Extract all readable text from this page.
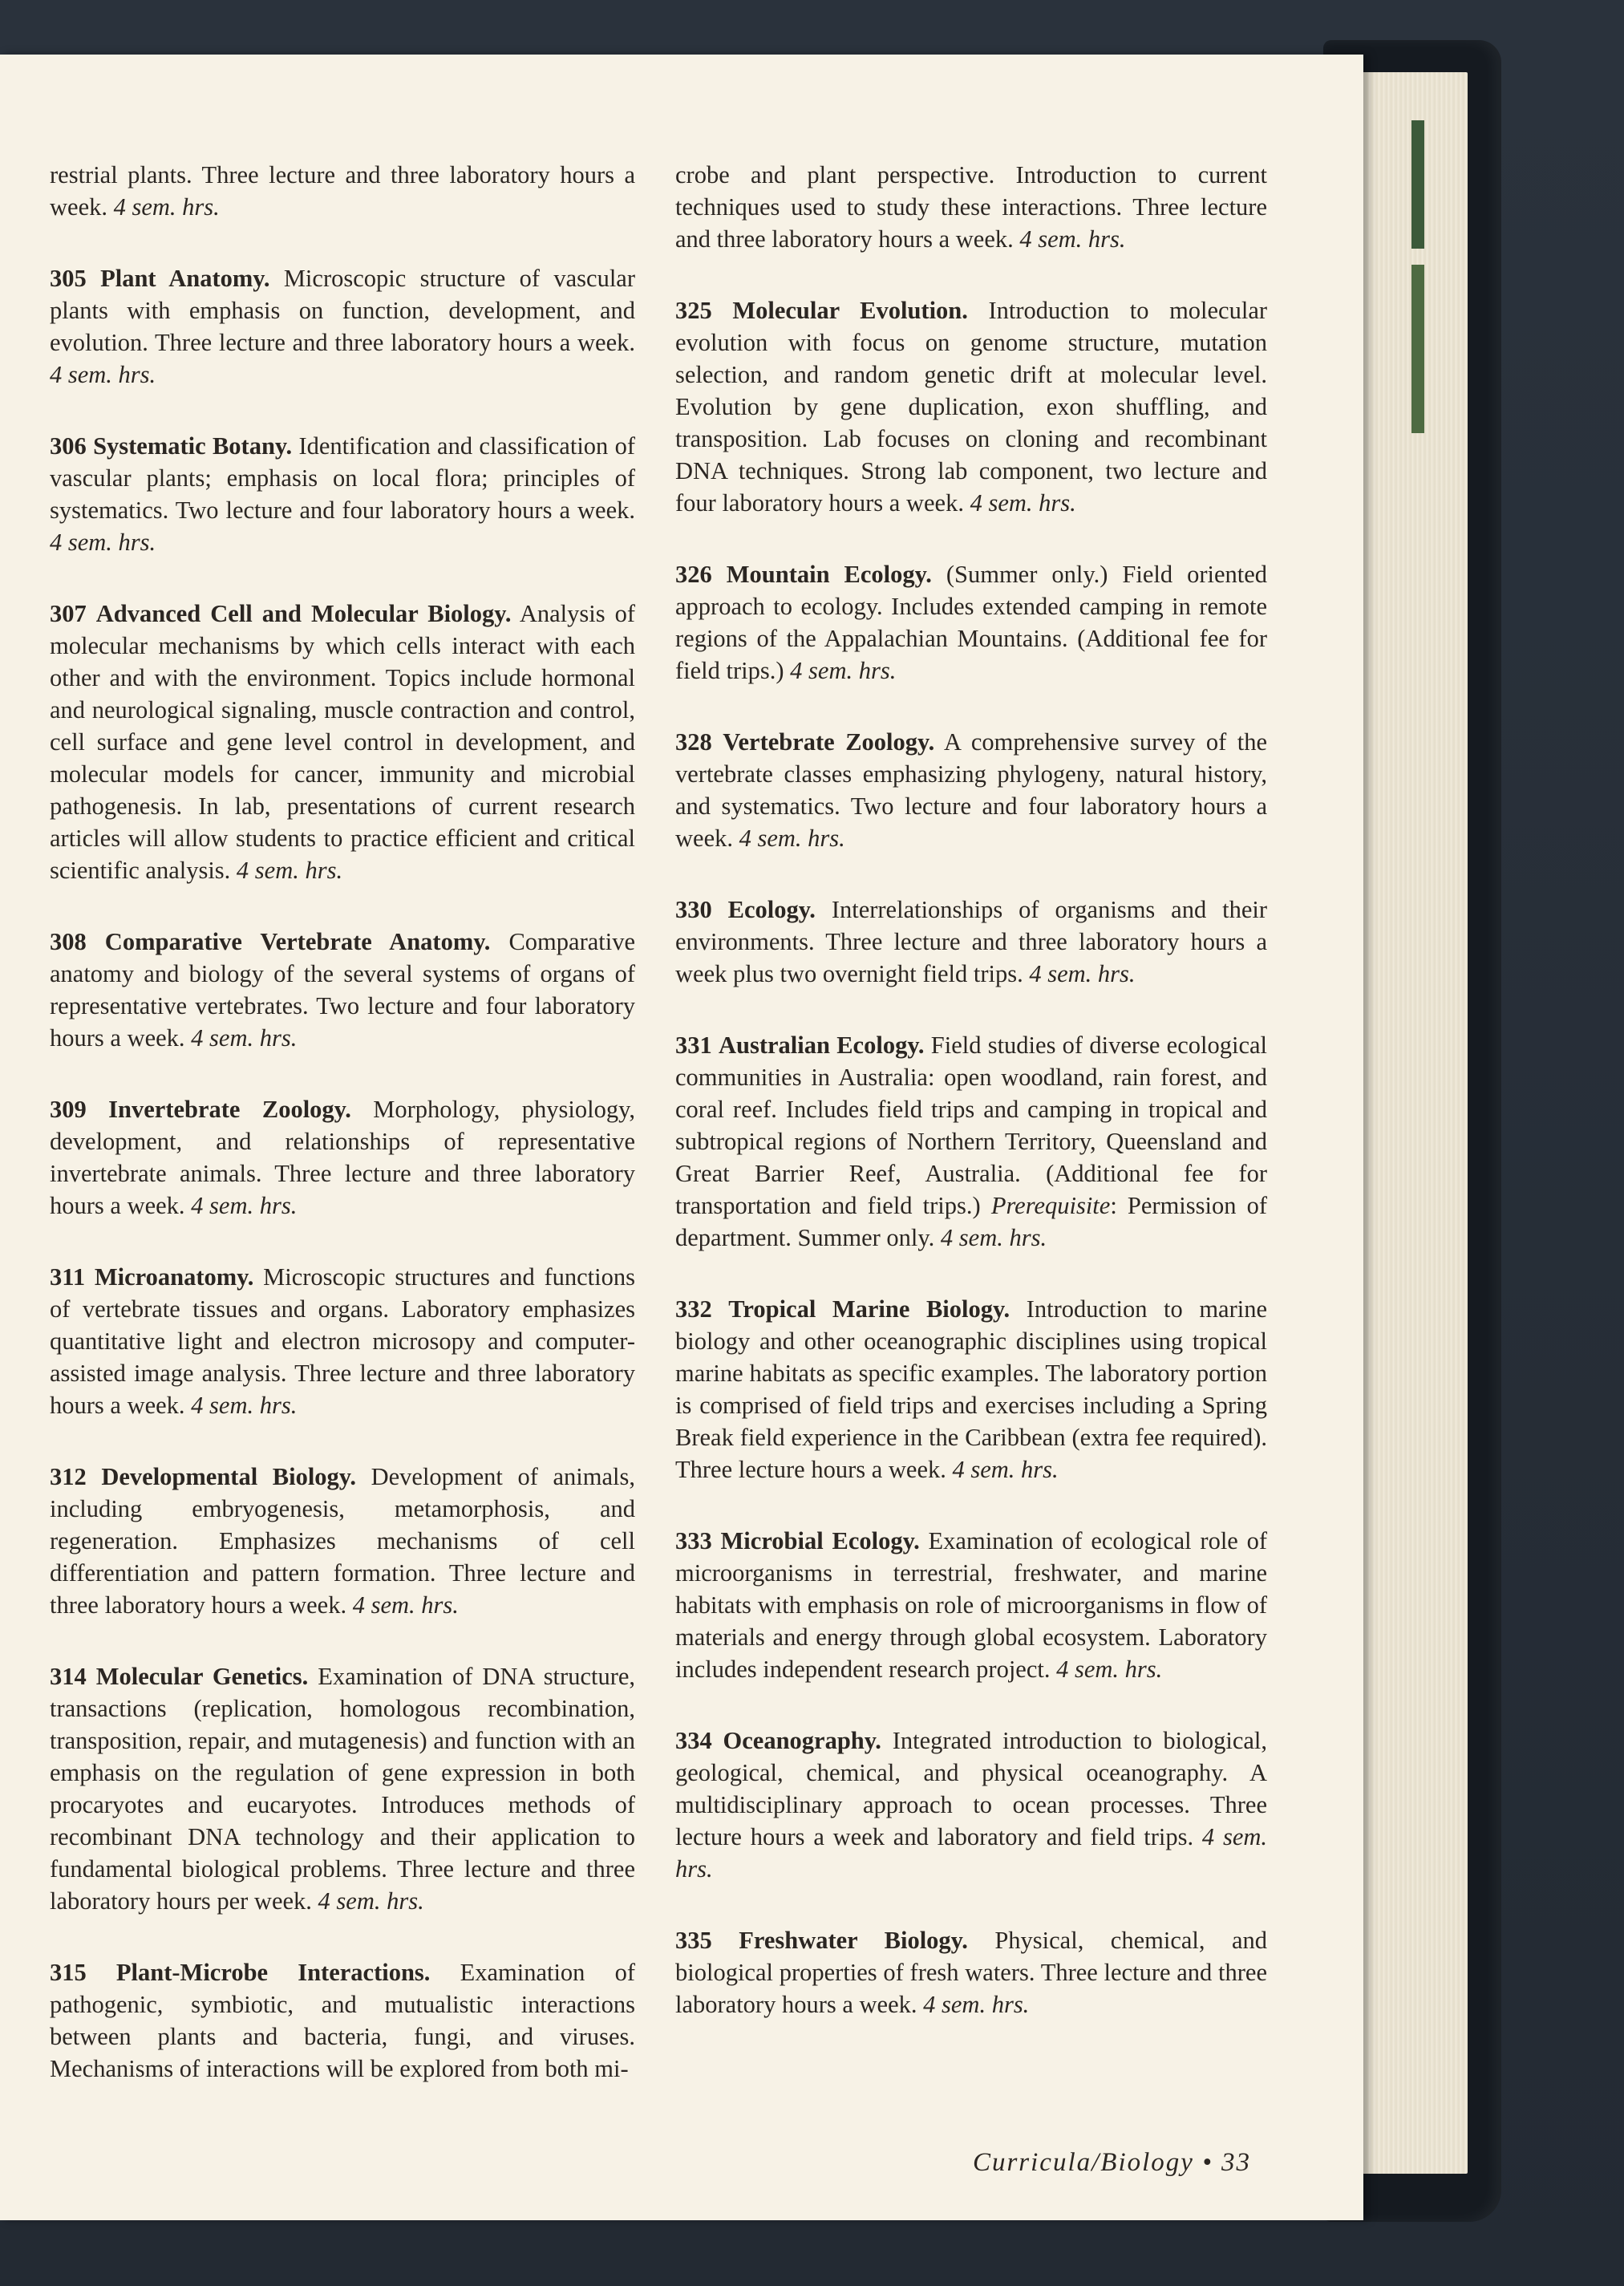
restrial plants. Three lecture and three laboratory hours a week. 4 sem. hrs.

305 Plant Anatomy. Microscopic structure of vascular plants with emphasis on function, development, and evolution. Three lecture and three laboratory hours a week. 4 sem. hrs.

306 Systematic Botany. Identification and classification of vascular plants; emphasis on local flora; principles of systematics. Two lecture and four laboratory hours a week. 4 sem. hrs.

307 Advanced Cell and Molecular Biology. Analysis of molecular mechanisms by which cells interact with each other and with the environment. Topics include hormonal and neurological signaling, muscle contraction and control, cell surface and gene level control in development, and molecular models for cancer, immunity and microbial pathogenesis. In lab, presentations of current research articles will allow students to practice efficient and critical scientific analysis. 4 sem. hrs.

308 Comparative Vertebrate Anatomy. Comparative anatomy and biology of the several systems of organs of representative vertebrates. Two lecture and four laboratory hours a week. 4 sem. hrs.

309 Invertebrate Zoology. Morphology, physiology, development, and relationships of representative invertebrate animals. Three lecture and three laboratory hours a week. 4 sem. hrs.

311 Microanatomy. Microscopic structures and functions of vertebrate tissues and organs. Laboratory emphasizes quantitative light and electron microsopy and computer-assisted image analysis. Three lecture and three laboratory hours a week. 4 sem. hrs.

312 Developmental Biology. Development of animals, including embryogenesis, metamorphosis, and regeneration. Emphasizes mechanisms of cell differentiation and pattern formation. Three lecture and three laboratory hours a week. 4 sem. hrs.

314 Molecular Genetics. Examination of DNA structure, transactions (replication, homologous recombination, transposition, repair, and mutagenesis) and function with an emphasis on the regulation of gene expression in both procaryotes and eucaryotes. Introduces methods of recombinant DNA technology and their application to fundamental biological problems. Three lecture and three laboratory hours per week. 4 sem. hrs.

315 Plant-Microbe Interactions. Examination of pathogenic, symbiotic, and mutualistic interactions between plants and bacteria, fungi, and viruses. Mechanisms of interactions will be explored from both mi-

crobe and plant perspective. Introduction to current techniques used to study these interactions. Three lecture and three laboratory hours a week. 4 sem. hrs.

325 Molecular Evolution. Introduction to molecular evolution with focus on genome structure, mutation selection, and random genetic drift at molecular level. Evolution by gene duplication, exon shuffling, and transposition. Lab focuses on cloning and recombinant DNA techniques. Strong lab component, two lecture and four laboratory hours a week. 4 sem. hrs.

326 Mountain Ecology. (Summer only.) Field oriented approach to ecology. Includes extended camping in remote regions of the Appalachian Mountains. (Additional fee for field trips.) 4 sem. hrs.

328 Vertebrate Zoology. A comprehensive survey of the vertebrate classes emphasizing phylogeny, natural history, and systematics. Two lecture and four laboratory hours a week. 4 sem. hrs.

330 Ecology. Interrelationships of organisms and their environments. Three lecture and three laboratory hours a week plus two overnight field trips. 4 sem. hrs.

331 Australian Ecology. Field studies of diverse ecological communities in Australia: open woodland, rain forest, and coral reef. Includes field trips and camping in tropical and subtropical regions of Northern Territory, Queensland and Great Barrier Reef, Australia. (Additional fee for transportation and field trips.) Prerequisite: Permission of department. Summer only. 4 sem. hrs.

332 Tropical Marine Biology. Introduction to marine biology and other oceanographic disciplines using tropical marine habitats as specific examples. The laboratory portion is comprised of field trips and exercises including a Spring Break field experience in the Caribbean (extra fee required). Three lecture hours a week. 4 sem. hrs.

333 Microbial Ecology. Examination of ecological role of microorganisms in terrestrial, freshwater, and marine habitats with emphasis on role of microorganisms in flow of materials and energy through global ecosystem. Laboratory includes independent research project. 4 sem. hrs.

334 Oceanography. Integrated introduction to biological, geological, chemical, and physical oceanography. A multidisciplinary approach to ocean processes. Three lecture hours a week and laboratory and field trips. 4 sem. hrs.

335 Freshwater Biology. Physical, chemical, and biological properties of fresh waters. Three lecture and three laboratory hours a week. 4 sem. hrs.

Curricula/Biology • 33
